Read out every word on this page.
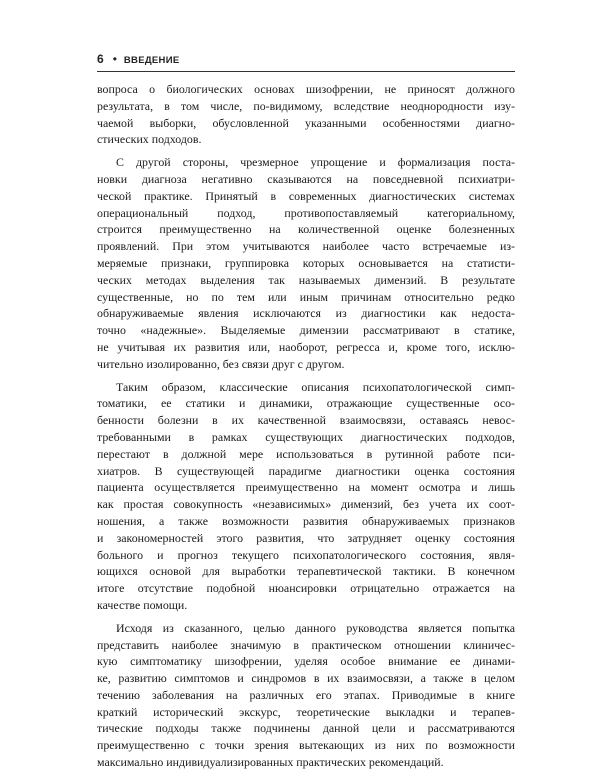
6 • ВВЕДЕНИЕ
вопроса о биологических основах шизофрении, не приносят должного
результата, в том числе, по-видимому, вследствие неоднородности изу-
чаемой выборки, обусловленной указанными особенностями диагно-
стических подходов.
С другой стороны, чрезмерное упрощение и формализация поста-
новки диагноза негативно сказываются на повседневной психиатри-
ческой практике. Принятый в современных диагностических системах
операциональный подход, противопоставляемый категориальному,
строится преимущественно на количественной оценке болезненных
проявлений. При этом учитываются наиболее часто встречаемые из-
меряемые признаки, группировка которых основывается на статисти-
ческих методах выделения так называемых димензий. В результате
существенные, но по тем или иным причинам относительно редко
обнаруживаемые явления исключаются из диагностики как недоста-
точно «надежные». Выделяемые димензии рассматривают в статике,
не учитывая их развития или, наоборот, регресса и, кроме того, исклю-
чительно изолированно, без связи друг с другом.
Таким образом, классические описания психопатологической симп-
томатики, ее статики и динамики, отражающие существенные осо-
бенности болезни в их качественной взаимосвязи, оставаясь невос-
требованными в рамках существующих диагностических подходов,
перестают в должной мере использоваться в рутинной работе пси-
хиатров. В существующей парадигме диагностики оценка состояния
пациента осуществляется преимущественно на момент осмотра и лишь
как простая совокупность «независимых» димензий, без учета их соот-
ношения, а также возможности развития обнаруживаемых признаков
и закономерностей этого развития, что затрудняет оценку состояния
больного и прогноз текущего психопатологического состояния, явля-
ющихся основой для выработки терапевтической тактики. В конечном
итоге отсутствие подобной нюансировки отрицательно отражается на
качестве помощи.
Исходя из сказанного, целью данного руководства является попытка
представить наиболее значимую в практическом отношении клиничес-
кую симптоматику шизофрении, уделяя особое внимание ее динами-
ке, развитию симптомов и синдромов в их взаимосвязи, а также в целом
течению заболевания на различных его этапах. Приводимые в книге
краткий исторический экскурс, теоретические выкладки и терапев-
тические подходы также подчинены данной цели и рассматриваются
преимущественно с точки зрения вытекающих из них по возможности
максимально индивидуализированных практических рекомендаций.
